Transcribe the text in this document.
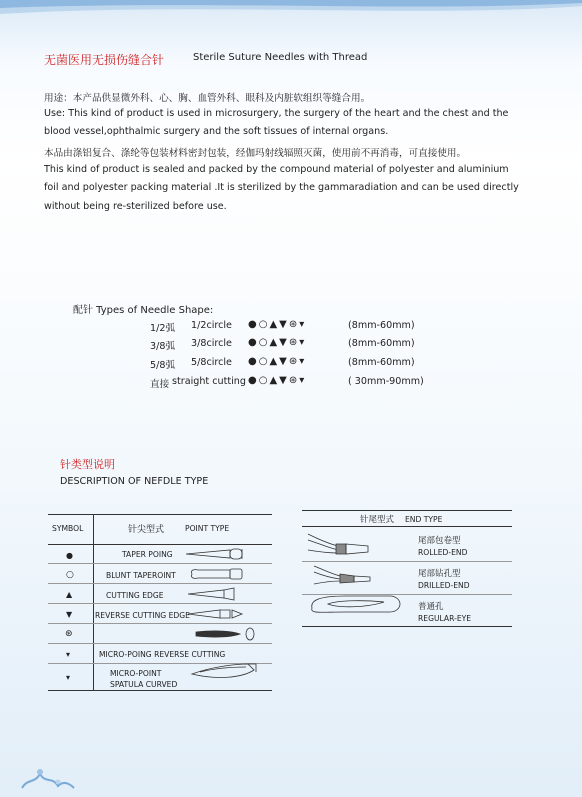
无菌医用无损伤缝合针	Sterile Suture Needles with Thread
用途：本产品供显微外科、心、胸、血管外科、眼科及内脏软组织等缝合用。
Use: This kind of product is used in microsurgery, the surgery of the heart and the chest and the
blood vessel,ophthalmic surgery and the soft tissues of internal organs.
本品由涤铝复合、涤纶等包装材料密封包装，经伽玛射线辐照灭菌，使用前不再消毒，可直接使用。
This kind of product is sealed and packed by the compound material of polyester and aluminium
foil and polyester packing material .It is sterilized by the gammaradiation and can be used directly
without being re-sterilized before use.
配针 Types of Needle Shape:
1/2弧 1/2circle ●○▲▼⊛▾	(8mm-60mm)
3/8弧 3/8circle ●○▲▼⊛▾	(8mm-60mm)
5/8弧 5/8circle ●○▲▼⊛▾	(8mm-60mm)
直接 straight cutting ●○▲▼⊛▾	( 30mm-90mm)
针类型说明
DESCRIPTION OF NEFDLE TYPE
SYMBOL	针尖型式	POINT TYPE
●	TAPER POING
○	BLUNT TAPEROINT
▲	CUTTING EDGE
▼	REVERSE CUTTING EDGE
⊛
▾	MICRO-POING REVERSE CUTTING
▾	MICRO-POINT
SPATULA CURVED
针尾型式 END TYPE
尾部包卷型
ROLLED-END
尾部钻孔型
DRILLED-END
普通孔
REGULAR-EYE
